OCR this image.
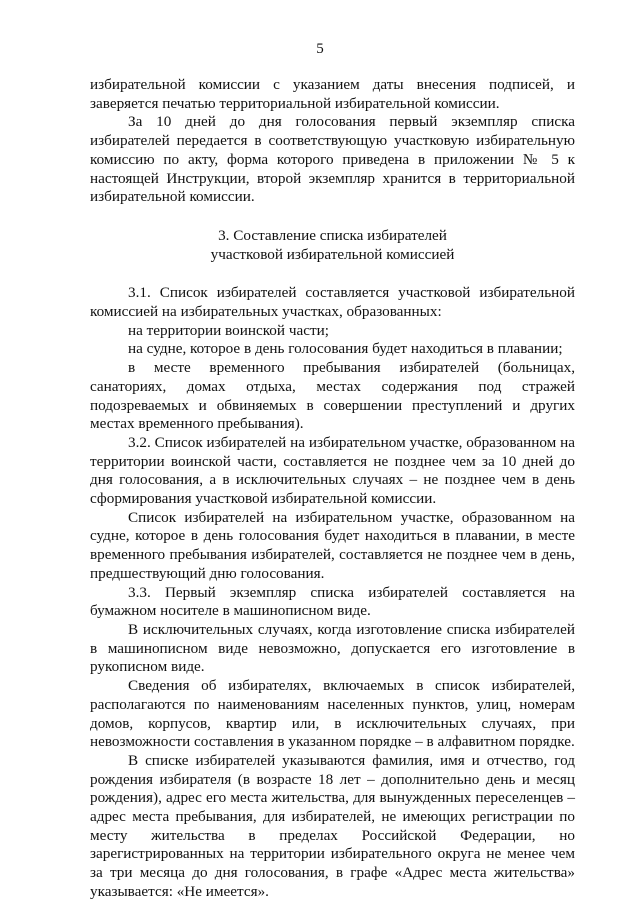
5

избирательной комиссии с указанием даты внесения подписей, и заверяется печатью территориальной избирательной комиссии.

За 10 дней до дня голосования первый экземпляр списка избирателей передается в соответствующую участковую избирательную комиссию по акту, форма которого приведена в приложении № 5 к настоящей Инструкции, второй экземпляр хранится в территориальной избирательной комиссии.

3. Составление списка избирателей

участковой избирательной комиссией

3.1. Список избирателей составляется участковой избирательной комиссией на избирательных участках, образованных:

на территории воинской части;

на судне, которое в день голосования будет находиться в плавании;

в месте временного пребывания избирателей (больницах, санаториях, домах отдыха, местах содержания под стражей подозреваемых и обвиняемых в совершении преступлений и других местах временного пребывания).

3.2. Список избирателей на избирательном участке, образованном на территории воинской части, составляется не позднее чем за 10 дней до дня голосования, а в исключительных случаях – не позднее чем в день сформирования участковой избирательной комиссии.

Список избирателей на избирательном участке, образованном на судне, которое в день голосования будет находиться в плавании, в месте временного пребывания избирателей, составляется не позднее чем в день, предшествующий дню голосования.

3.3. Первый экземпляр списка избирателей составляется на бумажном носителе в машинописном виде.

В исключительных случаях, когда изготовление списка избирателей в машинописном виде невозможно, допускается его изготовление в рукописном виде.

Сведения об избирателях, включаемых в список избирателей, располагаются по наименованиям населенных пунктов, улиц, номерам домов, корпусов, квартир или, в исключительных случаях, при невозможности составления в указанном порядке – в алфавитном порядке.

В списке избирателей указываются фамилия, имя и отчество, год рождения избирателя (в возрасте 18 лет – дополнительно день и месяц рождения), адрес его места жительства, для вынужденных переселенцев – адрес места пребывания, для избирателей, не имеющих регистрации по месту жительства в пределах Российской Федерации, но зарегистрированных на территории избирательного округа не менее чем за три месяца до дня голосования, в графе «Адрес места жительства» указывается: «Не имеется».
